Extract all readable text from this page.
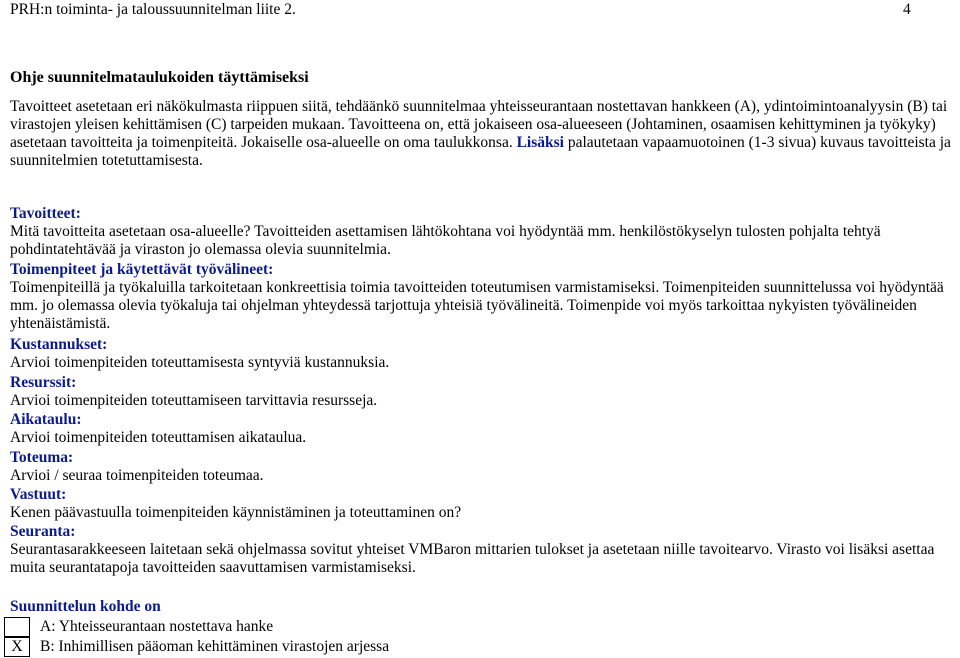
PRH:n toiminta- ja taloussuunnitelman liite 2.	4
Ohje suunnitelmataulukoiden täyttämiseksi

Tavoitteet asetetaan eri näkökulmasta riippuen siitä, tehdäänkö suunnitelmaa yhteisseurantaan nostettavan hankkeen (A), ydintoimintoanalyysin (B) tai virastojen yleisen kehittämisen (C) tarpeiden mukaan. Tavoitteena on, että jokaiseen osa-alueeseen (Johtaminen, osaamisen kehittyminen ja työkyky) asetetaan tavoitteita ja toimenpiteitä. Jokaiselle osa-alueelle on oma taulukkonsa. Lisäksi palautetaan vapaamuotoinen (1-3 sivua) kuvaus tavoitteista ja suunnitelmien totetuttamisesta.

Tavoitteet:
Mitä tavoitteita asetetaan osa-alueelle? Tavoitteiden asettamisen lähtökohtana voi hyödyntää mm. henkilöstökyselyn tulosten pohjalta tehtyä pohdintatehtävää ja viraston jo olemassa olevia suunnitelmia.
Toimenpiteet ja käytettävät työvälineet:
Toimenpiteillä ja työkaluilla tarkoitetaan konkreettisia toimia tavoitteiden toteutumisen varmistamiseksi. Toimenpiteiden suunnittelussa voi hyödyntää mm. jo olemassa olevia työkaluja tai ohjelman yhteydessä tarjottuja yhteisiä työvälineitä. Toimenpide voi myös tarkoittaa nykyisten työvälineiden yhtenäistämistä.
Kustannukset:
Arvioi toimenpiteiden toteuttamisesta syntyviä kustannuksia.
Resurssit:
Arvioi toimenpiteiden toteuttamiseen tarvittavia resursseja.
Aikataulu:
Arvioi toimenpiteiden toteuttamisen aikataulua.
Toteuma:
Arvioi / seuraa toimenpiteiden toteumaa.
Vastuut:
Kenen päävastuulla toimenpiteiden käynnistäminen ja toteuttaminen on?
Seuranta:
Seurantasarakkeeseen laitetaan sekä ohjelmassa sovitut yhteiset VMBaron mittarien tulokset ja asetetaan niille tavoitearvo. Virasto voi lisäksi asettaa muita seurantatapoja tavoitteiden saavuttamisen varmistamiseksi.
Suunnittelun kohde on
A: Yhteisseurantaan nostettava hanke
X	B: Inhimillisen pääoman kehittäminen virastojen arjessa
